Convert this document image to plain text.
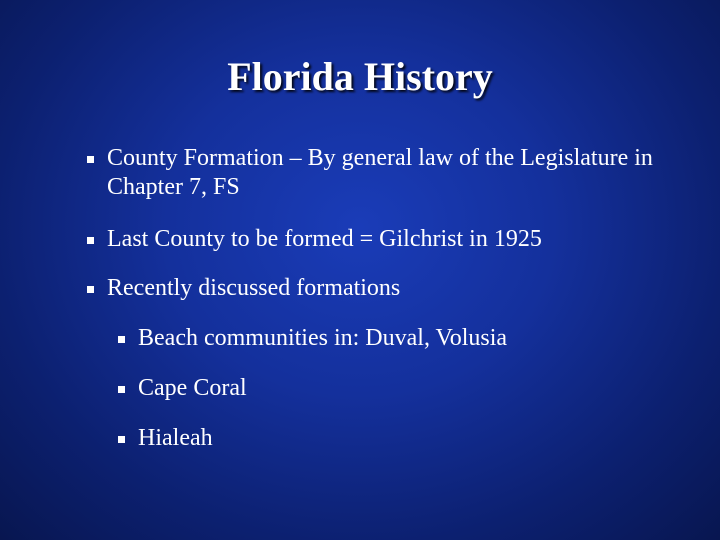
Florida History
County Formation – By general law of the Legislature in Chapter 7, FS
Last County to be formed = Gilchrist in 1925
Recently discussed formations
Beach communities in: Duval, Volusia
Cape Coral
Hialeah
